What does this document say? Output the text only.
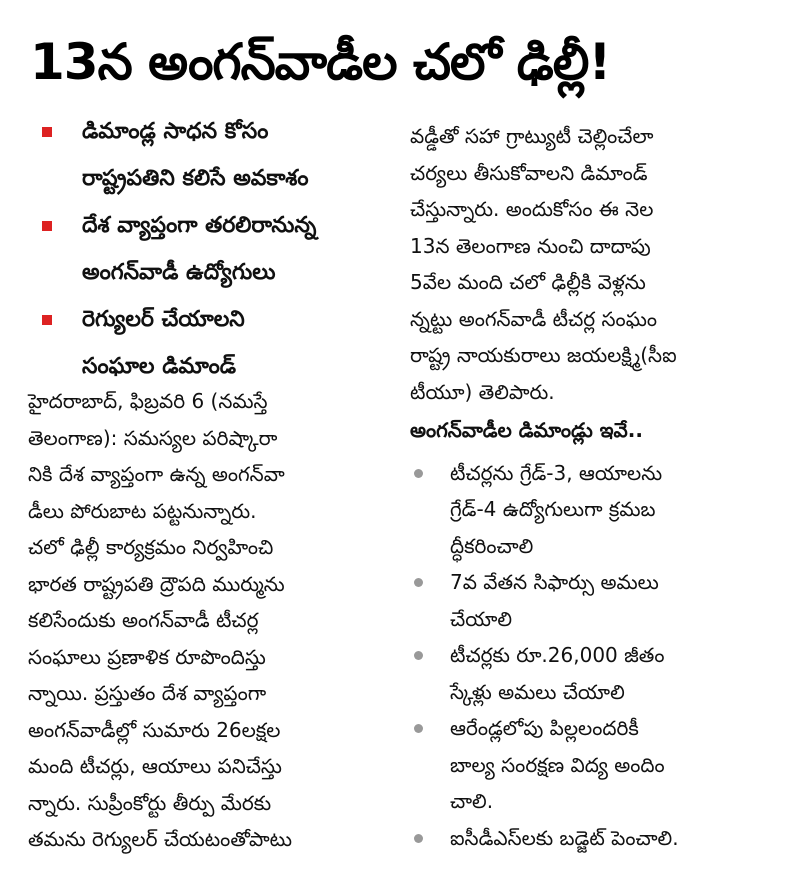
13న అంగన్‌వాడీల చలో ఢిల్లీ!
డిమాండ్ల సాధన కోసం
రాష్ట్రపతిని కలిసే అవకాశం
దేశ వ్యాప్తంగా తరలిరానున్న
అంగన్‌వాడీ ఉద్యోగులు
రెగ్యులర్ చేయాలని
సంఘాల డిమాండ్
హైదరాబాద్, ఫిబ్రవరి 6 (నమస్తే
తెలంగాణ): సమస్యల పరిష్కారా
నికి దేశ వ్యాప్తంగా ఉన్న అంగన్‌వా
డీలు పోరుబాట పట్టనున్నారు.
చలో ఢిల్లీ కార్యక్రమం నిర్వహించి
భారత రాష్ట్రపతి ద్రౌపది ముర్మును
కలిసేందుకు అంగన్‌వాడీ టీచర్ల
సంఘాలు ప్రణాళిక రూపొందిస్తు
న్నాయి. ప్రస్తుతం దేశ వ్యాప్తంగా
అంగన్‌వాడీల్లో సుమారు 26లక్షల
మంది టీచర్లు, ఆయాలు పనిచేస్తు
న్నారు. సుప్రీంకోర్టు తీర్పు మేరకు
తమను రెగ్యులర్ చేయటంతోపాటు
వడ్డీతో సహా గ్రాట్యుటీ చెల్లించేలా
చర్యలు తీసుకోవాలని డిమాండ్
చేస్తున్నారు. అందుకోసం ఈ నెల
13న తెలంగాణ నుంచి దాదాపు
5వేల మంది చలో ఢిల్లీకి వెళ్లను
న్నట్టు అంగన్‌వాడీ టీచర్ల సంఘం
రాష్ట్ర నాయకురాలు జయలక్ష్మి(సీఐ
టీయూ) తెలిపారు.
అంగన్‌వాడీల డిమాండ్లు ఇవే..
టీచర్లను గ్రేడ్-3, ఆయాలను
గ్రేడ్-4 ఉద్యోగులుగా క్రమబ
ద్ధీకరించాలి
7వ వేతన సిఫార్సు అమలు
చేయాలి
టీచర్లకు రూ.26,000 జీతం
స్కేళ్లు అమలు చేయాలి
ఆరేండ్లలోపు పిల్లలందరికీ
బాల్య సంరక్షణ విద్య అందిం
చాలి.
ఐసీడీఎస్‌లకు బడ్జెట్ పెంచాలి.
